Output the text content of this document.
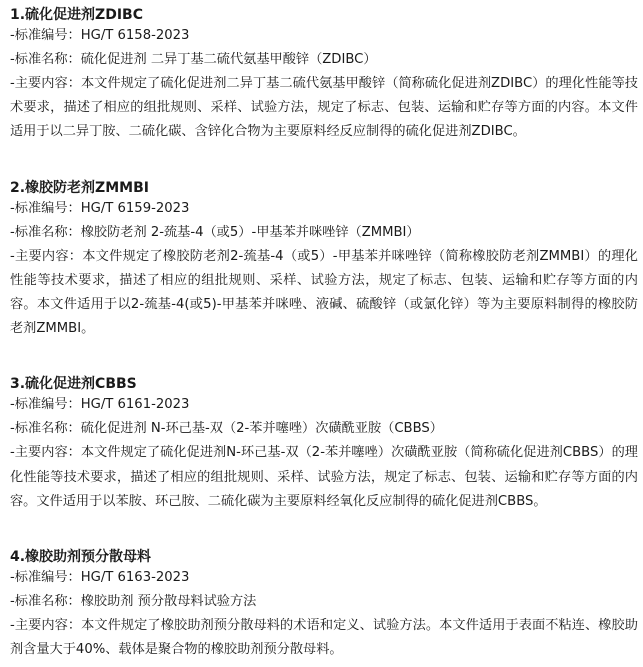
1.硫化促进剂ZDIBC
-标准编号：HG/T 6158-2023
-标准名称：硫化促进剂 二异丁基二硫代氨基甲酸锌（ZDIBC）
-主要内容：本文件规定了硫化促进剂二异丁基二硫代氨基甲酸锌（简称硫化促进剂ZDIBC）的理化性能等技术要求，描述了相应的组批规则、采样、试验方法，规定了标志、包装、运输和贮存等方面的内容。本文件适用于以二异丁胺、二硫化碳、含锌化合物为主要原料经反应制得的硫化促进剂ZDIBC。
2.橡胶防老剂ZMMBI
-标准编号：HG/T 6159-2023
-标准名称：橡胶防老剂 2-巯基-4（或5）-甲基苯并咪唑锌（ZMMBI）
-主要内容：本文件规定了橡胶防老剂2-巯基-4（或5）-甲基苯并咪唑锌（简称橡胶防老剂ZMMBI）的理化性能等技术要求，描述了相应的组批规则、采样、试验方法，规定了标志、包装、运输和贮存等方面的内容。本文件适用于以2-巯基-4(或5)-甲基苯并咪唑、液碱、硫酸锌（或氯化锌）等为主要原料制得的橡胶防老剂ZMMBI。
3.硫化促进剂CBBS
-标准编号：HG/T 6161-2023
-标准名称：硫化促进剂 N-环己基-双（2-苯并噻唑）次磺酰亚胺（CBBS）
-主要内容：本文件规定了硫化促进剂N-环己基-双（2-苯并噻唑）次磺酰亚胺（简称硫化促进剂CBBS）的理化性能等技术要求，描述了相应的组批规则、采样、试验方法，规定了标志、包装、运输和贮存等方面的内容。文件适用于以苯胺、环己胺、二硫化碳为主要原料经氧化反应制得的硫化促进剂CBBS。
4.橡胶助剂预分散母料
-标准编号：HG/T 6163-2023
-标准名称：橡胶助剂 预分散母料试验方法
-主要内容：本文件规定了橡胶助剂预分散母料的术语和定义、试验方法。本文件适用于表面不粘连、橡胶助剂含量大于40%、载体是聚合物的橡胶助剂预分散母料。
